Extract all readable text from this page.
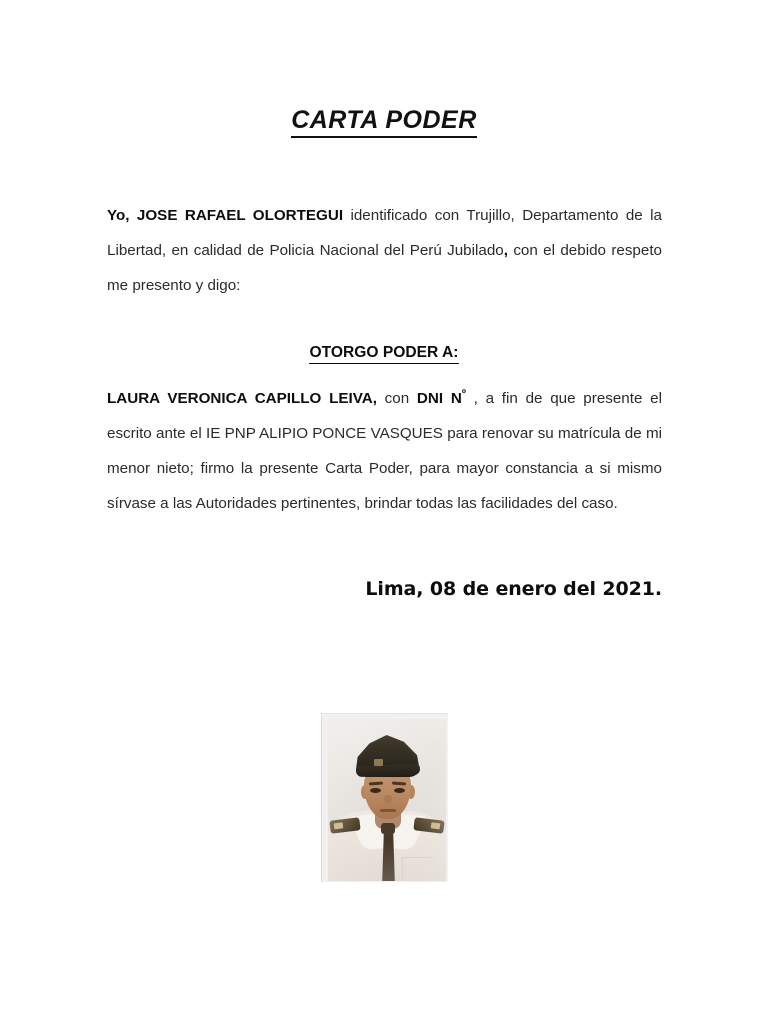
CARTA PODER
Yo, JOSE RAFAEL OLORTEGUI identificado con Trujillo, Departamento de la Libertad, en calidad de Policia Nacional del Perú Jubilado, con el debido respeto me presento y digo:
OTORGO PODER A:
LAURA VERONICA CAPILLO LEIVA, con DNI $N^º$ , a fin de que presente el escrito ante el IE PNP ALIPIO PONCE VASQUES para renovar su matrícula de mi menor nieto; firmo la presente Carta Poder, para mayor constancia a si mismo sírvase a las Autoridades pertinentes, brindar todas las facilidades del caso.
Lima, 08 de enero del 2021.
